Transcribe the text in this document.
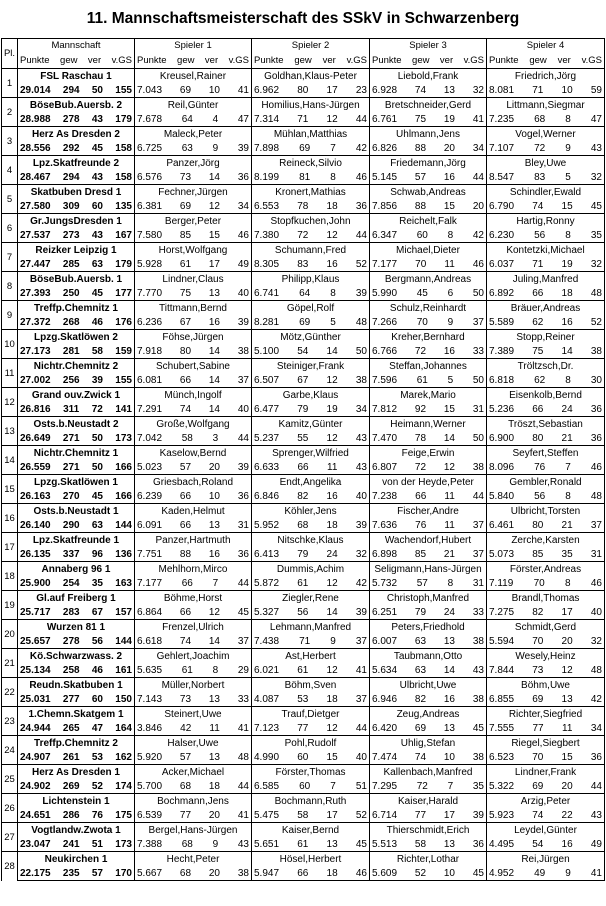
11. Mannschaftsmeisterschaft des SSkV in Schwarzenberg
Pl.	Mannschaft	Spieler 1	Spieler 2	Spieler 3	Spieler 4

	Punkte gew ver v.GS	Punkte gew ver v.GS	Punkte gew ver v.GS	Punkte gew ver v.GS	Punkte gew ver v.GS

1	FSL Raschau 1	Kreusel,Rainer	Goldhan,Klaus-Peter	Liebold,Frank	Friedrich,Jörg

	29.014 294 50 155	7.043 69 10 41	6.962 80 17 23	6.928 74 13 32	8.081 71 10 59

2	BöseBub.Auersb. 2	Reil,Günter	Homilius,Hans-Jürgen	Bretschneider,Gerd	Littmann,Siegmar

	28.988 278 43 179	7.678 64 4 47	7.314 71 12 44	6.761 75 19 41	7.235 68 8 47

3	Herz As Dresden 2	Maleck,Peter	Mühlan,Matthias	Uhlmann,Jens	Vogel,Werner

	28.556 292 45 158	6.725 63 9 39	7.898 69 7 42	6.826 88 20 34	7.107 72 9 43

4	Lpz.Skatfreunde 2	Panzer,Jörg	Reineck,Silvio	Friedemann,Jörg	Bley,Uwe

	28.467 294 43 158	6.576 73 14 36	8.199 81 8 46	5.145 57 16 44	8.547 83 5 32

5	Skatbuben Dresd 1	Fechner,Jürgen	Kronert,Mathias	Schwab,Andreas	Schindler,Ewald

	27.580 309 60 135	6.381 69 12 34	6.553 78 18 36	7.856 88 15 20	6.790 74 15 45

6	Gr.JungsDresden 1	Berger,Peter	Stopfkuchen,John	Reichelt,Falk	Hartig,Ronny

	27.537 273 43 167	7.580 85 15 46	7.380 72 12 44	6.347 60 8 42	6.230 56 8 35

7	Reizker Leipzig 1	Horst,Wolfgang	Schumann,Fred	Michael,Dieter	Kontetzki,Michael

	27.447 285 63 179	5.928 61 17 49	8.305 83 16 52	7.177 70 11 46	6.037 71 19 32

8	BöseBub.Auersb. 1	Lindner,Claus	Philipp,Klaus	Bergmann,Andreas	Juling,Manfred

	27.393 250 45 177	7.770 75 13 40	6.741 64 8 39	5.990 45 6 50	6.892 66 18 48

9	Treffp.Chemnitz 1	Tittmann,Bernd	Göpel,Rolf	Schulz,Reinhardt	Bräuer,Andreas

	27.372 268 46 176	6.236 67 16 39	8.281 69 5 48	7.266 70 9 37	5.589 62 16 52

10	Lpzg.Skatlöwen 2	Föhse,Jürgen	Mötz,Günther	Kreher,Bernhard	Stopp,Reiner

	27.173 281 58 159	7.918 80 14 38	5.100 54 14 50	6.766 72 16 33	7.389 75 14 38

11	Nichtr.Chemnitz 2	Schubert,Sabine	Steiniger,Frank	Steffan,Johannes	Tröltzsch,Dr.

	27.002 256 39 155	6.081 66 14 37	6.507 67 12 38	7.596 61 5 50	6.818 62 8 30

12	Grand ouv.Zwick 1	Münch,Ingolf	Garbe,Klaus	Marek,Mario	Eisenkolb,Bernd

	26.816 311 72 141	7.291 74 14 40	6.477 79 19 34	7.812 92 15 31	5.236 66 24 36

13	Osts.b.Neustadt 2	Große,Wolfgang	Kamitz,Günter	Heimann,Werner	Tröszt,Sebastian

	26.649 271 50 173	7.042 58 3 44	5.237 55 12 43	7.470 78 14 50	6.900 80 21 36

14	Nichtr.Chemnitz 1	Kaselow,Bernd	Sprenger,Wilfried	Feige,Erwin	Seyfert,Steffen

	26.559 271 50 166	5.023 57 20 39	6.633 66 11 43	6.807 72 12 38	8.096 76 7 46

15	Lpzg.Skatlöwen 1	Griesbach,Roland	Endt,Angelika	von der Heyde,Peter	Gembler,Ronald

	26.163 270 45 166	6.239 66 10 36	6.846 82 16 40	7.238 66 11 44	5.840 56 8 48

16	Osts.b.Neustadt 1	Kaden,Helmut	Köhler,Jens	Fischer,Andre	Ulbricht,Torsten

	26.140 290 63 144	6.091 66 13 31	5.952 68 18 39	7.636 76 11 37	6.461 80 21 37

17	Lpz.Skatfreunde 1	Panzer,Hartmuth	Nitschke,Klaus	Wachendorf,Hubert	Zerche,Karsten

	26.135 337 96 136	7.751 88 16 36	6.413 79 24 32	6.898 85 21 37	5.073 85 35 31

18	Annaberg 96 1	Mehlhorn,Mirco	Dummis,Achim	Seligmann,Hans-Jürgen	Förster,Andreas

	25.900 254 35 163	7.177 66 7 44	5.872 61 12 42	5.732 57 8 31	7.119 70 8 46

19	Gl.auf Freiberg 1	Böhme,Horst	Ziegler,Rene	Christoph,Manfred	Brandl,Thomas

	25.717 283 67 157	6.864 66 12 45	5.327 56 14 39	6.251 79 24 33	7.275 82 17 40

20	Wurzen 81 1	Frenzel,Ulrich	Lehmann,Manfred	Peters,Friedhold	Schmidt,Gerd

	25.657 278 56 144	6.618 74 14 37	7.438 71 9 37	6.007 63 13 38	5.594 70 20 32

21	Kö.Schwarzwass. 2	Gehlert,Joachim	Ast,Herbert	Taubmann,Otto	Wesely,Heinz

	25.134 258 46 161	5.635 61 8 29	6.021 61 12 41	5.634 63 14 43	7.844 73 12 48

22	Reudn.Skatbuben 1	Müller,Norbert	Böhm,Sven	Ulbricht,Uwe	Böhm,Uwe

	25.031 277 60 150	7.143 73 13 33	4.087 53 18 37	6.946 82 16 38	6.855 69 13 42

23	1.Chemn.Skatgem 1	Steinert,Uwe	Trauf,Dietger	Zeug,Andreas	Richter,Siegfried

	24.944 265 47 164	3.846 42 11 41	7.123 77 12 44	6.420 69 13 45	7.555 77 11 34

24	Treffp.Chemnitz 2	Halser,Uwe	Pohl,Rudolf	Uhlig,Stefan	Riegel,Siegbert

	24.907 261 53 162	5.920 57 13 48	4.990 60 15 40	7.474 74 10 38	6.523 70 15 36

25	Herz As Dresden 1	Acker,Michael	Förster,Thomas	Kallenbach,Manfred	Lindner,Frank

	24.902 269 52 174	5.700 68 18 44	6.585 60 7 51	7.295 72 7 35	5.322 69 20 44

26	Lichtenstein 1	Bochmann,Jens	Bochmann,Ruth	Kaiser,Harald	Arzig,Peter

	24.651 286 76 175	6.539 77 20 41	5.475 58 17 52	6.714 77 17 39	5.923 74 22 43

27	Vogtlandw.Zwota 1	Bergel,Hans-Jürgen	Kaiser,Bernd	Thierschmidt,Erich	Leydel,Günter

	23.047 241 51 173	7.388 68 9 43	5.651 61 13 45	5.513 58 13 36	4.495 54 16 49

28	Neukirchen 1	Hecht,Peter	Hösel,Herbert	Richter,Lothar	Rei,Jürgen

	22.175 235 57 170	5.667 68 20 38	5.947 66 18 46	5.609 52 10 45	4.952 49 9 41
